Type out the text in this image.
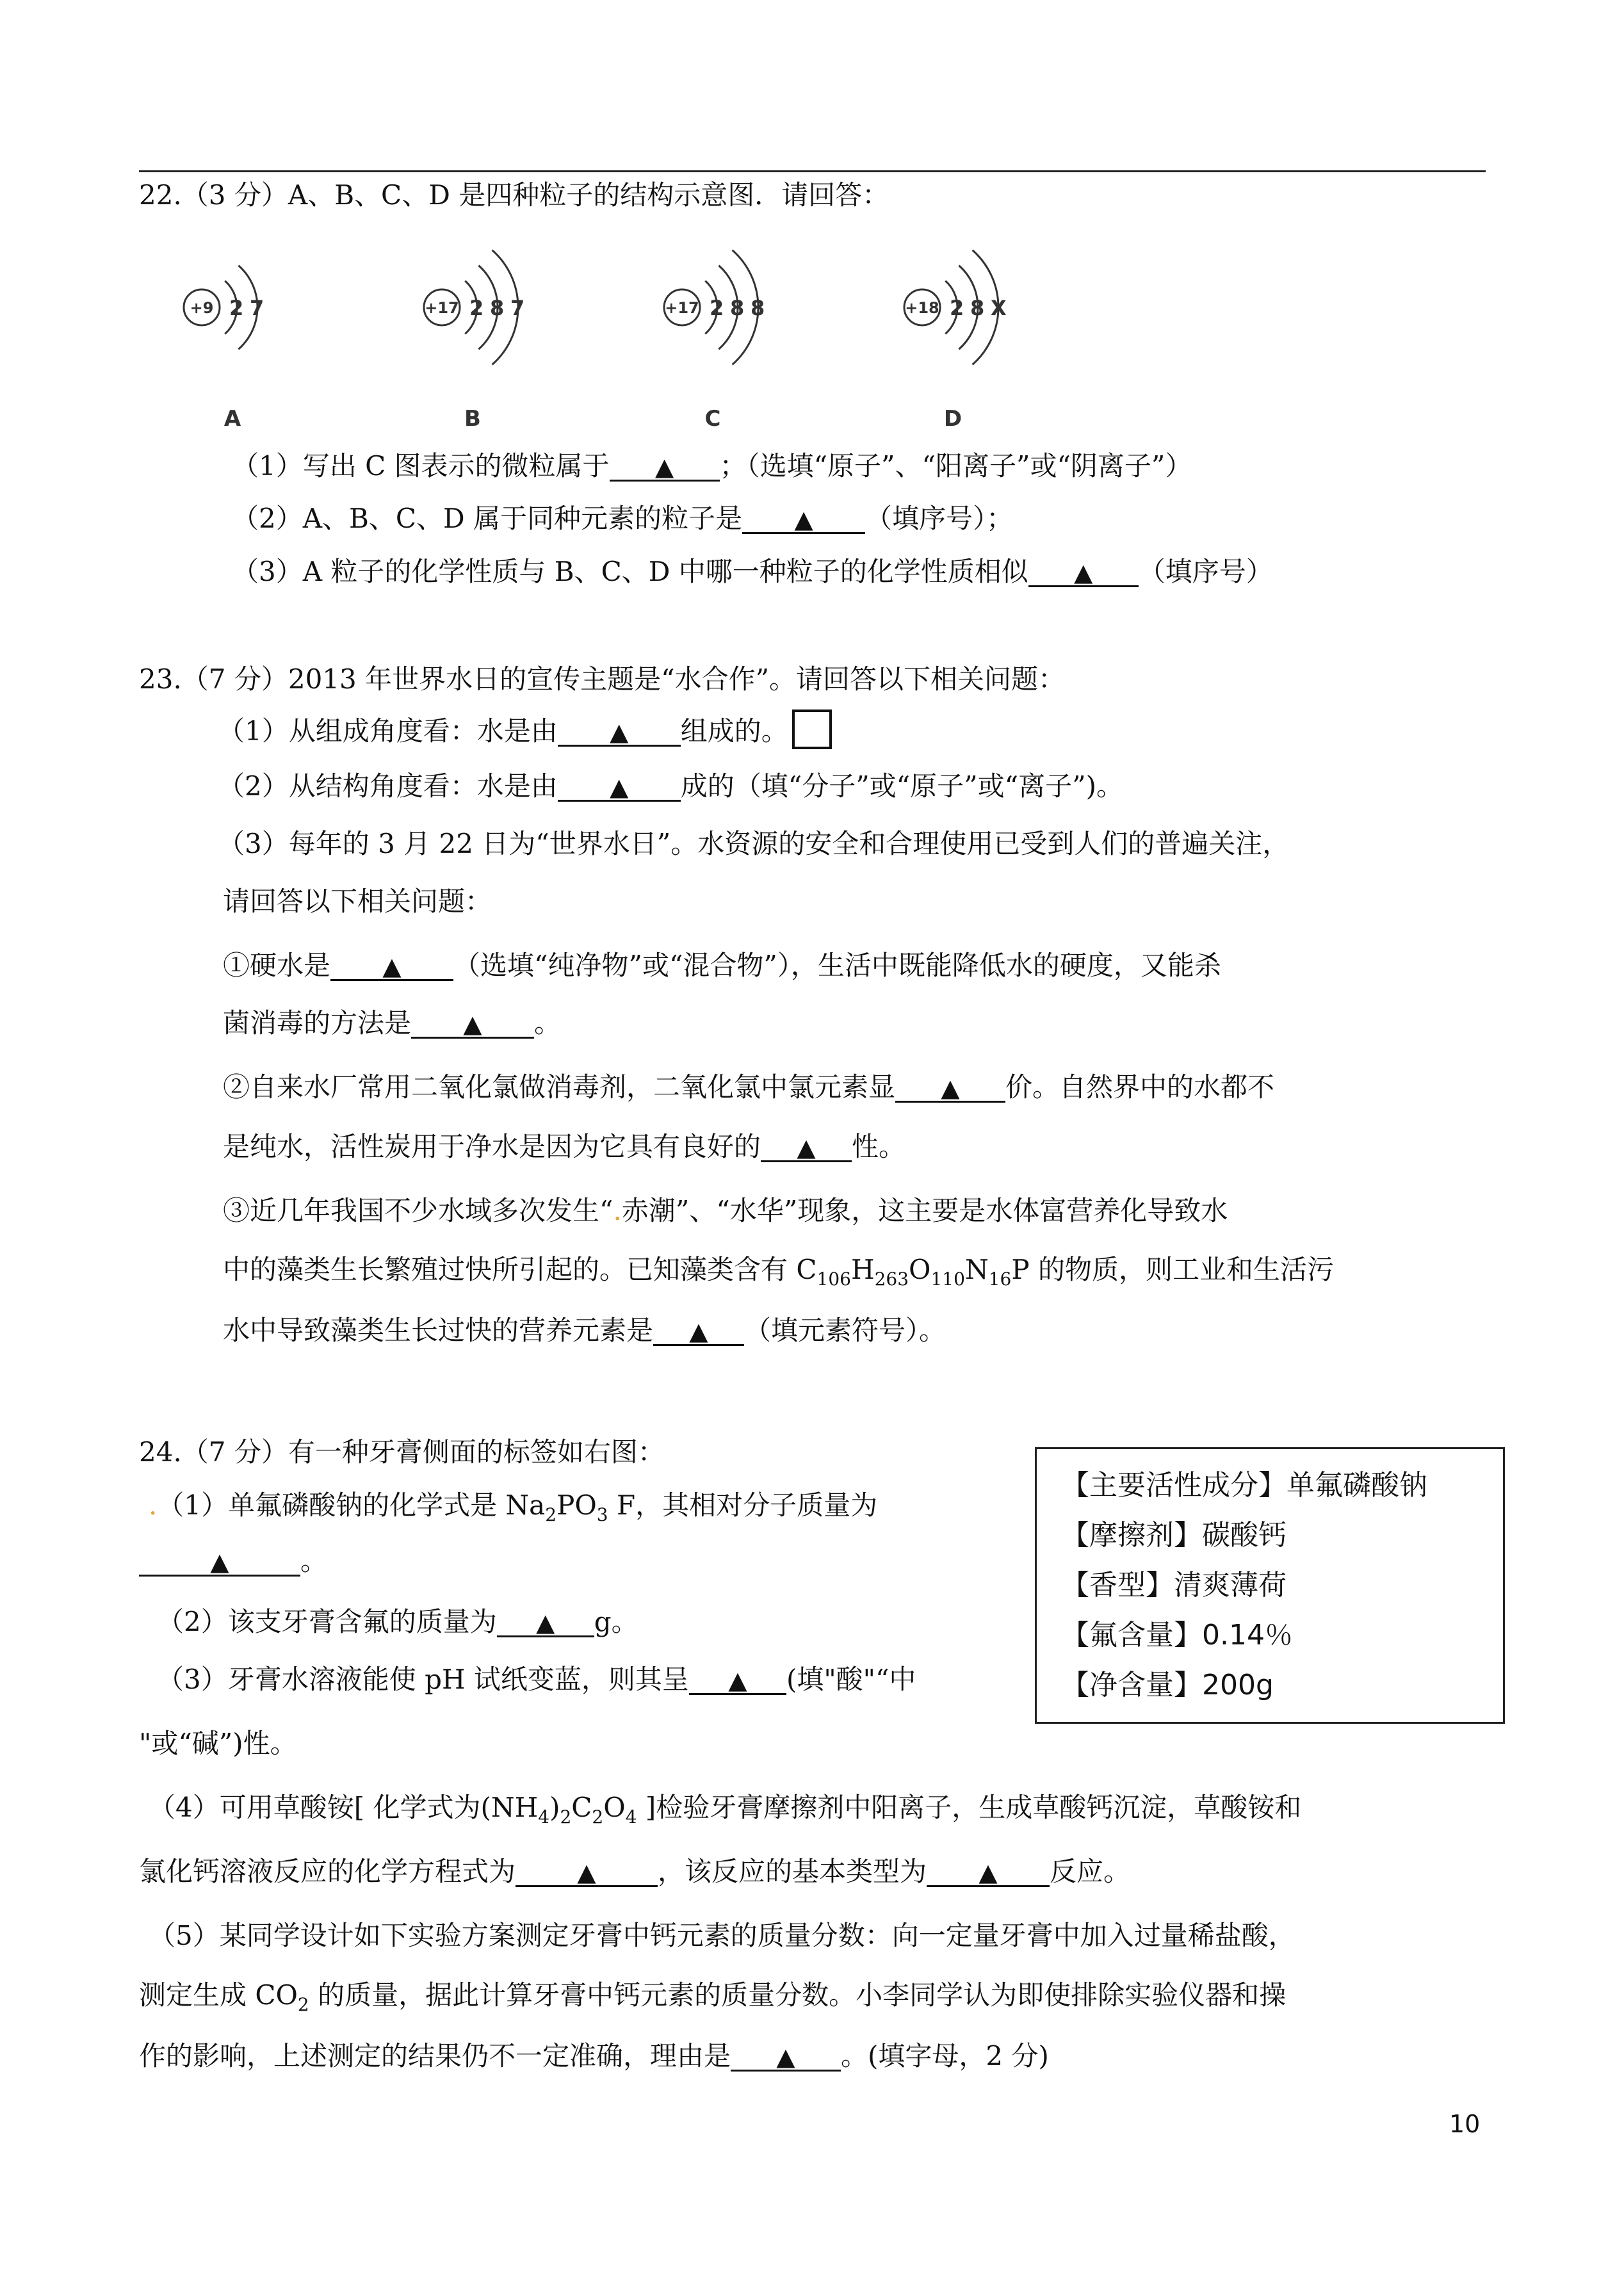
22.（3 分）A、B、C、D 是四种粒子的结构示意图．请回答：
+9 2 7
A
+17 2 8 7
B
+17 2 8 8
C
+18 2 8 X
D
（1）写出 C 图表示的微粒属于 ▲ ；（选填“原子”、“阳离子”或“阴离子”）
（2）A、B、C、D 属于同种元素的粒子是 ▲ （填序号）；
（3）A 粒子的化学性质与 B、C、D 中哪一种粒子的化学性质相似 ▲ （填序号）
23.（7 分）2013 年世界水日的宣传主题是“水合作”。请回答以下相关问题：
（1）从组成角度看：水是由 ▲ 组成的。
（2）从结构角度看：水是由 ▲ 成的（填“分子”或“原子”或“离子”)。
（3）每年的 3 月 22 日为“世界水日”。水资源的安全和合理使用已受到人们的普遍关注，
请回答以下相关问题：
①硬水是 ▲ （选填“纯净物”或“混合物”），生活中既能降低水的硬度，又能杀
菌消毒的方法是 ▲ 。
②自来水厂常用二氧化氯做消毒剂，二氧化氯中氯元素显 ▲ 价。自然界中的水都不
是纯水，活性炭用于净水是因为它具有良好的 ▲ 性。
③近几年我国不少水域多次发生“.赤潮”、“水华”现象，这主要是水体富营养化导致水
中的藻类生长繁殖过快所引起的。已知藻类含有 $C_{106}H_{263}O_{110}N_{16}P$ 的物质，则工业和生活污
水中导致藻类生长过快的营养元素是 ▲ （填元素符号）。
24.（7 分）有一种牙膏侧面的标签如右图：
【主要活性成分】单氟磷酸钠
【摩擦剂】碳酸钙
【香型】清爽薄荷
【氟含量】0.14％
【净含量】200g
.（1）单氟磷酸钠的化学式是 $Na_2PO_3$ F，其相对分子质量为
▲	。
（2）该支牙膏含氟的质量为 ▲ g。
（3）牙膏水溶液能使 pH 试纸变蓝，则其呈 ▲ (填"酸"“中
"或“碱”)性。
（4）可用草酸铵[ 化学式为$(NH_4)_2C_2O_4$ ]检验牙膏摩擦剂中阳离子，生成草酸钙沉淀，草酸铵和
氯化钙溶液反应的化学方程式为	▲ ，该反应的基本类型为 ▲ 反应。
（5）某同学设计如下实验方案测定牙膏中钙元素的质量分数：向一定量牙膏中加入过量稀盐酸，
测定生成 $CO_2$ 的质量，据此计算牙膏中钙元素的质量分数。小李同学认为即使排除实验仪器和操
作的影响，上述测定的结果仍不一定准确，理由是 ▲ 。(填字母，2 分)
10
